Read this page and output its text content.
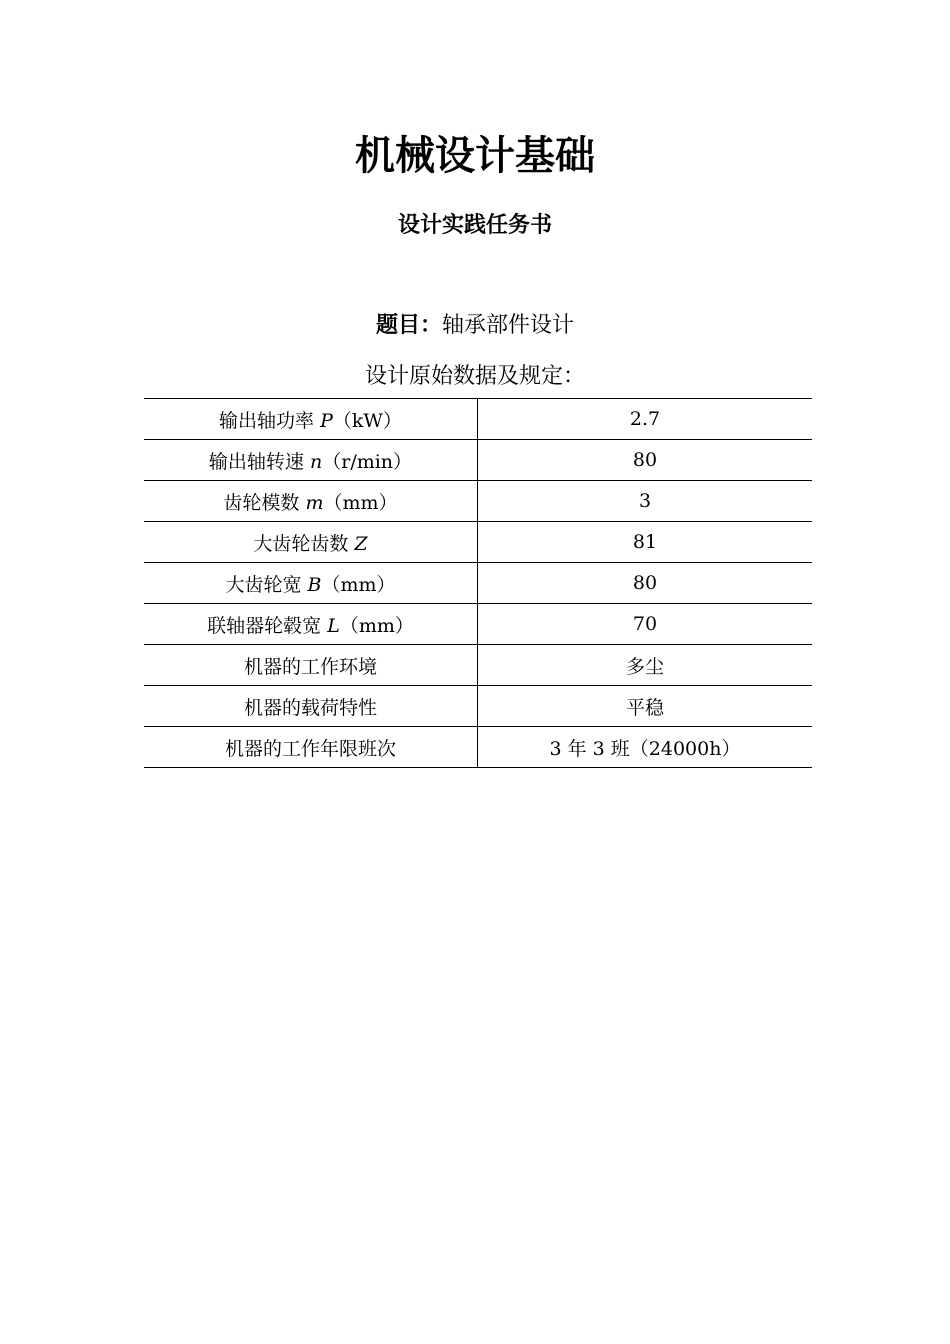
机械设计基础
设计实践任务书
题目：轴承部件设计
设计原始数据及规定：
输出轴功率 P（kW）	2.7
输出轴转速 n（r/min）	80
齿轮模数 m（mm）	3
大齿轮齿数 Z	81
大齿轮宽 B（mm）	80
联轴器轮毂宽 L（mm）	70
机器的工作环境	多尘
机器的载荷特性	平稳
机器的工作年限班次	3 年 3 班（24000h）
